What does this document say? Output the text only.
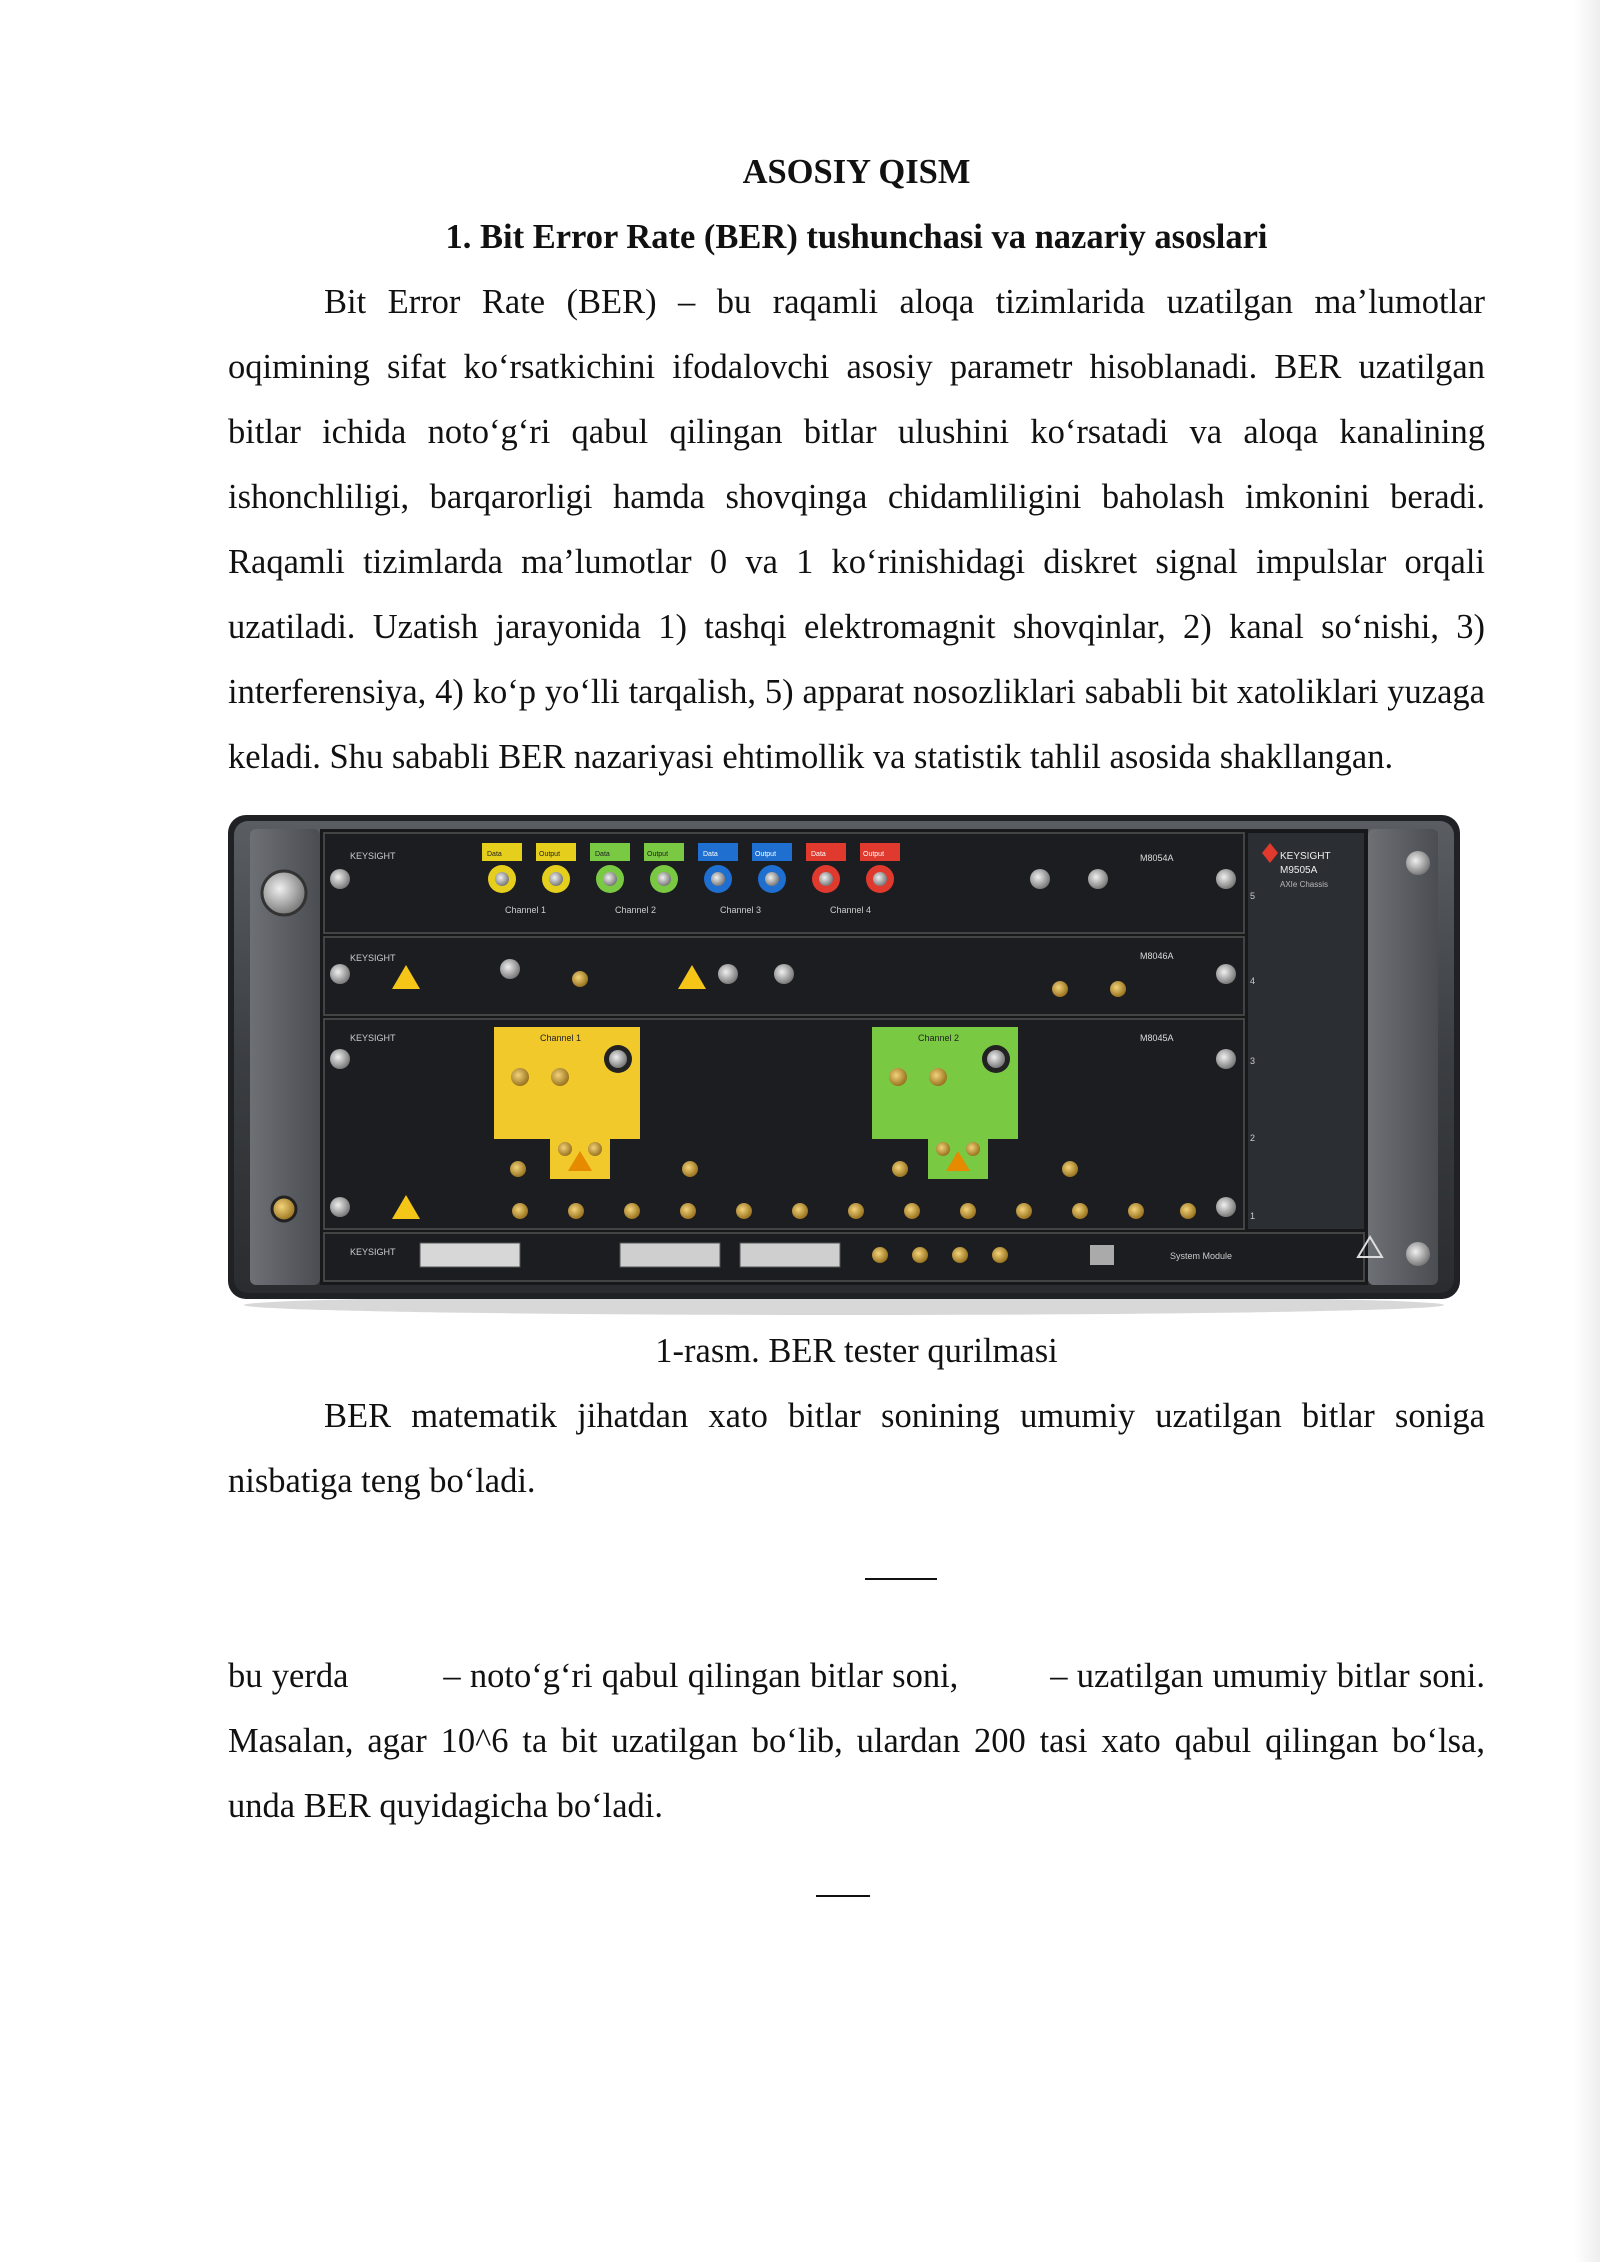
ASOSIY QISM

1. Bit Error Rate (BER) tushunchasi va nazariy asoslari

Bit Error Rate (BER) – bu raqamli aloqa tizimlarida uzatilgan ma’lumotlar oqimining sifat ko‘rsatkichini ifodalovchi asosiy parametr hisoblanadi. BER uzatilgan bitlar ichida noto‘g‘ri qabul qilingan bitlar ulushini ko‘rsatadi va aloqa kanalining ishonchliligi, barqarorligi hamda shovqinga chidamliligini baholash imkonini beradi. Raqamli tizimlarda ma’lumotlar 0 va 1 ko‘rinishidagi diskret signal impulslar orqali uzatiladi. Uzatish jarayonida 1) tashqi elektromagnit shovqinlar, 2) kanal so‘nishi, 3) interferensiya, 4) ko‘p yo‘lli tarqalish, 5) apparat nosozliklari sababli bit xatoliklari yuzaga keladi. Shu sababli BER nazariyasi ehtimollik va statistik tahlil asosida shakllangan.

KEYSIGHT	Data	Output	Data	Output	Data	Output	Data	Output
Channel 1	Channel 2	Channel 3	Channel 4
M8054A
KEYSIGHT	M8046A
KEYSIGHT	M8045A
Channel 1	Channel 2
KEYSIGHT	System Module
KEYSIGHT
M9505A
AXIe Chassis
5
4
3
2
1

1-rasm. BER tester qurilmasi

BER matematik jihatdan xato bitlar sonining umumiy uzatilgan bitlar soniga nisbatiga teng bo‘ladi.

bu yerda	– noto‘g‘ri qabul qilingan bitlar soni,	– uzatilgan umumiy bitlar soni. Masalan, agar 10^6 ta bit uzatilgan bo‘lib, ulardan 200 tasi xato qabul qilingan bo‘lsa, unda BER quyidagicha bo‘ladi.
